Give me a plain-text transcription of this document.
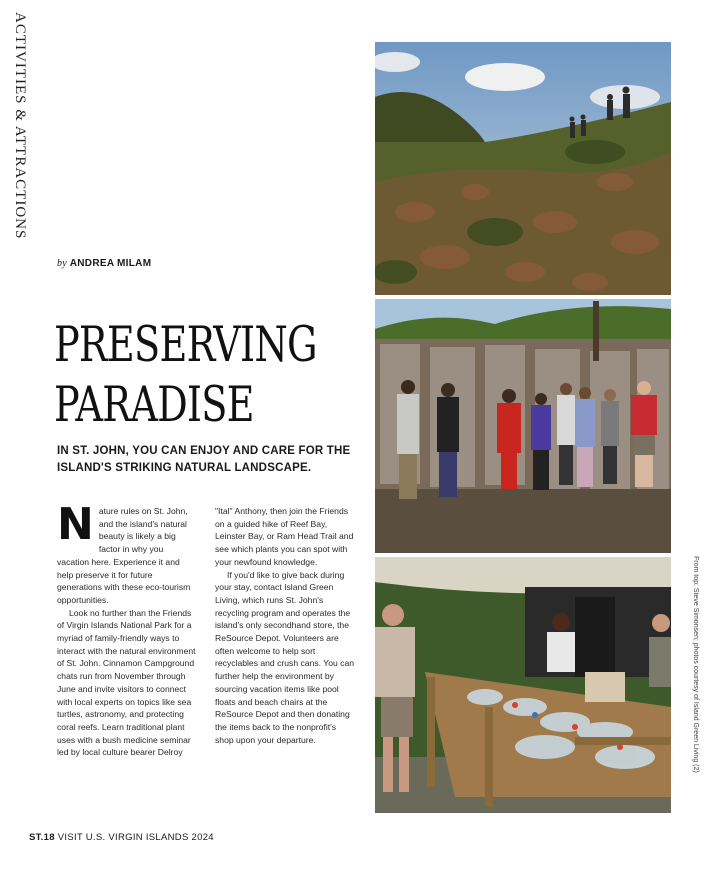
ACTIVITIES & ATTRACTIONS
by ANDREA MILAM
PRESERVING
PARADISE
IN ST. JOHN, YOU CAN ENJOY AND CARE FOR THE ISLAND'S STRIKING NATURAL LANDSCAPE.

Nature rules on St. John, and the island's natural beauty is likely a big factor in why you vacation here. Experience it and help preserve it for future generations with these eco-tourism opportunities.

Look no further than the Friends of Virgin Islands National Park for a myriad of family-friendly ways to interact with the natural environment of St. John. Cinnamon Campground chats run from November through June and invite visitors to connect with local experts on topics like sea turtles, astronomy, and protecting coral reefs. Learn traditional plant uses with a bush medicine seminar led by local culture bearer Delroy

"Ital" Anthony, then join the Friends on a guided hike of Reef Bay, Leinster Bay, or Ram Head Trail and see which plants you can spot with your newfound knowledge.

If you'd like to give back during your stay, contact Island Green Living, which runs St. John's recycling program and operates the island's only secondhand store, the ReSource Depot. Volunteers are often welcome to help sort recyclables and crush cans. You can further help the environment by sourcing vacation items like pool floats and beach chairs at the ReSource Depot and then donating the items back to the nonprofit's shop upon your departure.

ST.18 VISIT U.S. VIRGIN ISLANDS 2024
From top: Steve Simonsen; photos courtesy of Island Green Living (2)
